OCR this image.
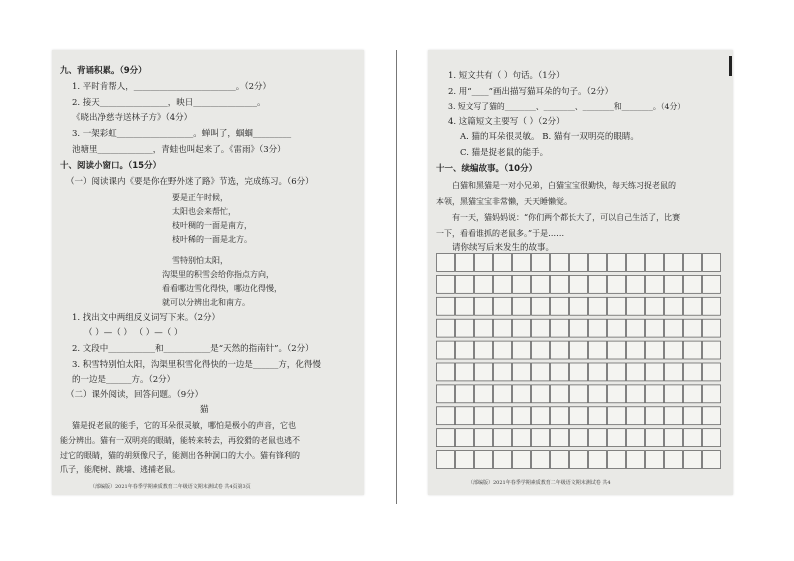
九、背诵积累。（9分）
1. 平时肯帮人，________________________。（2分）
2. 接天________________，映日_______________。
《晓出净慈寺送林子方》（4分）
3. 一架彩虹__________________。蝉叫了，蝈蝈_________
池塘里_____________，青蛙也叫起来了。《雷雨》（3分）
十、阅读小窗口。（15分）
（一）阅读课内《要是你在野外迷了路》节选，完成练习。（6分）
要是正午时候，
太阳也会来帮忙，
枝叶稠的一面是南方，
枝叶稀的一面是北方。
雪特别怕太阳，
沟渠里的积雪会给你指点方向，
看看哪边雪化得快，哪边化得慢，
就可以分辨出北和南方。
1. 找出文中两组反义词写下来。（2分）
（ ）—（ ） （ ）—（ ）
2. 文段中___________和___________是“天然的指南针”。（2分）
3. 积雪特别怕太阳，沟渠里积雪化得快的一边是______方，化得慢
的一边是______方。（2分）
（二）课外阅读，回答问题。（9分）
猫
猫是捉老鼠的能手，它的耳朵很灵敏，哪怕是极小的声音，它也
能分辨出。猫有一双明亮的眼睛，能转来转去，再狡猾的老鼠也逃不
过它的眼睛，猫的胡须像尺子，能测出各种洞口的大小。猫有锋利的
爪子，能爬树、跳墙、逃捕老鼠。
（部编版）2021年春季学期素质教育二年级语文期末测试卷 共4页第3页
1. 短文共有（ ）句话。（1分）
2. 用“____”画出描写猫耳朵的句子。（2分）
3. 短文写了猫的________、________、________和________。（4分）
4. 这篇短文主要写（ ）（2分）
A. 猫的耳朵很灵敏。 B. 猫有一双明亮的眼睛。
C. 猫是捉老鼠的能手。
十一、续编故事。（10分）
白猫和黑猫是一对小兄弟，白猫宝宝很勤快，每天练习捉老鼠的
本领，黑猫宝宝非常懒，天天睡懒觉。
有一天，猫妈妈说：“你们两个都长大了，可以自己生活了，比赛
一下，看看谁抓的老鼠多。”于是……
请你续写后来发生的故事。
（部编版）2021年春季学期素质教育二年级语文期末测试卷 共4
